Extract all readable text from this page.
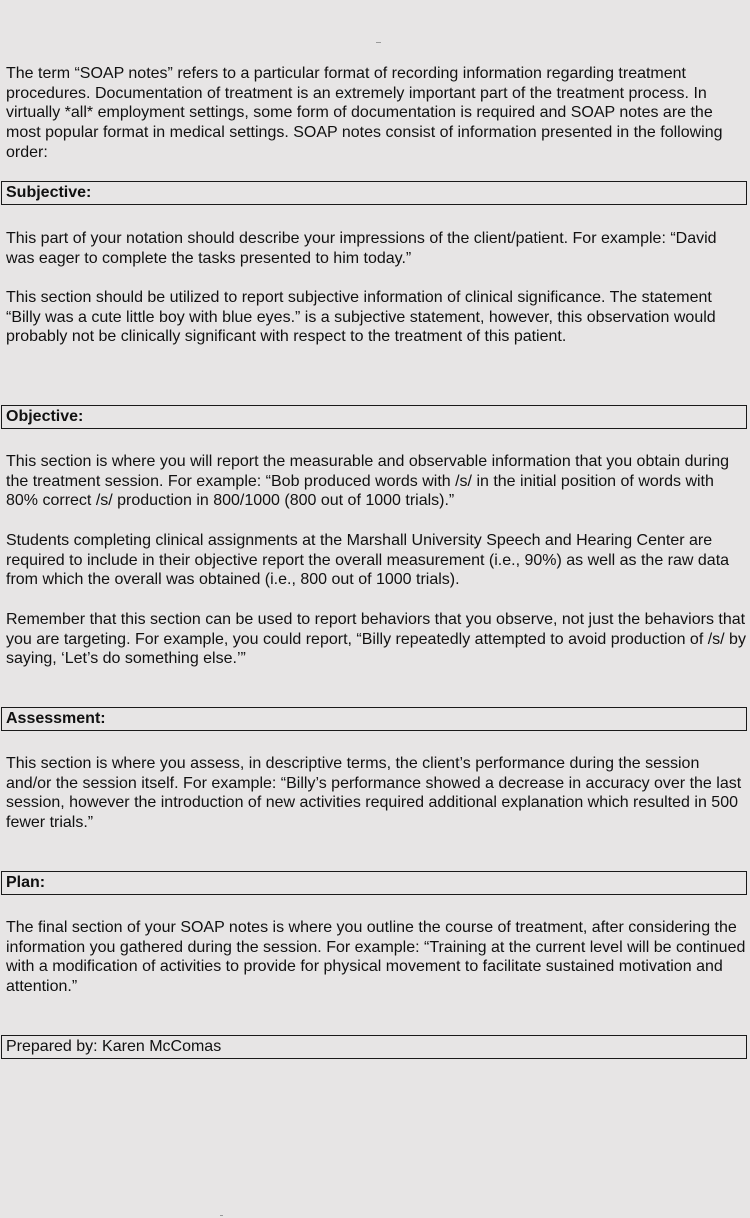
The term “SOAP notes” refers to a particular format of recording information regarding treatment procedures. Documentation of treatment is an extremely important part of the treatment process. In virtually *all* employment settings, some form of documentation is required and SOAP notes are the most popular format in medical settings. SOAP notes consist of information presented in the following order:

Subjective:

This part of your notation should describe your impressions of the client/patient. For example: “David was eager to complete the tasks presented to him today.”

This section should be utilized to report subjective information of clinical significance. The statement “Billy was a cute little boy with blue eyes.” is a subjective statement, however, this observation would probably not be clinically significant with respect to the treatment of this patient.

Objective:

This section is where you will report the measurable and observable information that you obtain during the treatment session. For example: “Bob produced words with /s/ in the initial position of words with 80% correct /s/ production in 800/1000 (800 out of 1000 trials).”

Students completing clinical assignments at the Marshall University Speech and Hearing Center are required to include in their objective report the overall measurement (i.e., 90%) as well as the raw data from which the overall was obtained (i.e., 800 out of 1000 trials).

Remember that this section can be used to report behaviors that you observe, not just the behaviors that you are targeting. For example, you could report, “Billy repeatedly attempted to avoid production of /s/ by saying, ‘Let’s do something else.’”

Assessment:

This section is where you assess, in descriptive terms, the client’s performance during the session and/or the session itself. For example: “Billy’s performance showed a decrease in accuracy over the last session, however the introduction of new activities required additional explanation which resulted in 500 fewer trials.”

Plan:

The final section of your SOAP notes is where you outline the course of treatment, after considering the information you gathered during the session. For example: “Training at the current level will be continued with a modification of activities to provide for physical movement to facilitate sustained motivation and attention.”

Prepared by: Karen McComas
